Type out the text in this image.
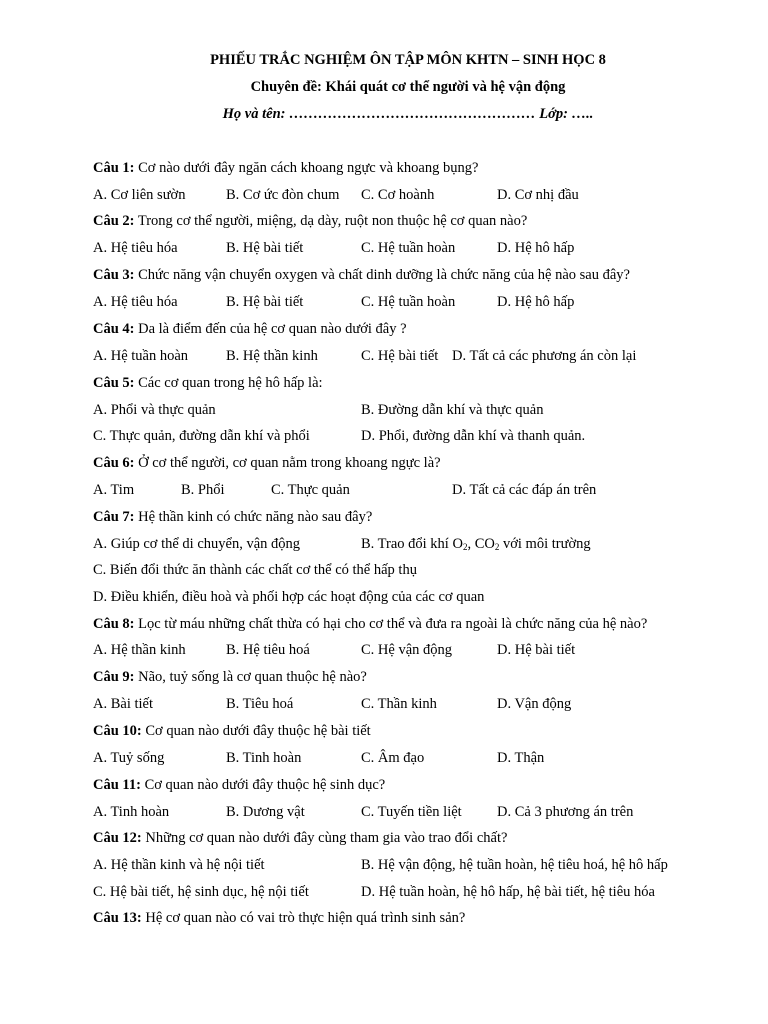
PHIẾU TRẮC NGHIỆM ÔN TẬP MÔN KHTN – SINH HỌC 8
Chuyên đề: Khái quát cơ thể người và hệ vận động
Họ và tên: …………………………………………… Lớp: …..
Câu 1: Cơ nào dưới đây ngăn cách khoang ngực và khoang bụng?
A. Cơ liên sườn	B. Cơ ức đòn chum C. Cơ hoành	D. Cơ nhị đầu
Câu 2: Trong cơ thể người, miệng, dạ dày, ruột non thuộc hệ cơ quan nào?
A. Hệ tiêu hóa	B. Hệ bài tiết	C. Hệ tuần hoàn	D. Hệ hô hấp
Câu 3: Chức năng vận chuyển oxygen và chất dinh dưỡng là chức năng của hệ nào sau đây?
A. Hệ tiêu hóa	B. Hệ bài tiết	C. Hệ tuần hoàn	D. Hệ hô hấp
Câu 4: Da là điểm đến của hệ cơ quan nào dưới đây ?
A. Hệ tuần hoàn	B. Hệ thần kinh	C. Hệ bài tiết D. Tất cả các phương án còn lại
Câu 5: Các cơ quan trong hệ hô hấp là:
A. Phổi và thực quản	B. Đường dẫn khí và thực quản
C. Thực quản, đường dẫn khí và phổi	D. Phổi, đường dẫn khí và thanh quản.
Câu 6: Ở cơ thể người, cơ quan nằm trong khoang ngực là?
A. Tim	B. Phổi	C. Thực quản	D. Tất cả các đáp án trên
Câu 7: Hệ thần kinh có chức năng nào sau đây?
A. Giúp cơ thể di chuyển, vận động	B. Trao đổi khí $O_2$, $CO_2$ với môi trường
C. Biến đổi thức ăn thành các chất cơ thể có thể hấp thụ
D. Điều khiển, điều hoà và phối hợp các hoạt động của các cơ quan
Câu 8: Lọc từ máu những chất thừa có hại cho cơ thể và đưa ra ngoài là chức năng của hệ nào?
A. Hệ thần kinh	B. Hệ tiêu hoá	C. Hệ vận động	D. Hệ bài tiết
Câu 9: Não, tuỷ sống là cơ quan thuộc hệ nào?
A. Bài tiết	B. Tiêu hoá	C. Thần kinh	D. Vận động
Câu 10: Cơ quan nào dưới đây thuộc hệ bài tiết
A. Tuỷ sống	B. Tinh hoàn	C. Âm đạo	D. Thận
Câu 11: Cơ quan nào dưới đây thuộc hệ sinh dục?
A. Tinh hoàn	B. Dương vật	C. Tuyến tiền liệt D. Cả 3 phương án trên
Câu 12: Những cơ quan nào dưới đây cùng tham gia vào trao đổi chất?
A. Hệ thần kinh và hệ nội tiết	B. Hệ vận động, hệ tuần hoàn, hệ tiêu hoá, hệ hô hấp
C. Hệ bài tiết, hệ sinh dục, hệ nội tiết	D. Hệ tuần hoàn, hệ hô hấp, hệ bài tiết, hệ tiêu hóa
Câu 13: Hệ cơ quan nào có vai trò thực hiện quá trình sinh sản?
